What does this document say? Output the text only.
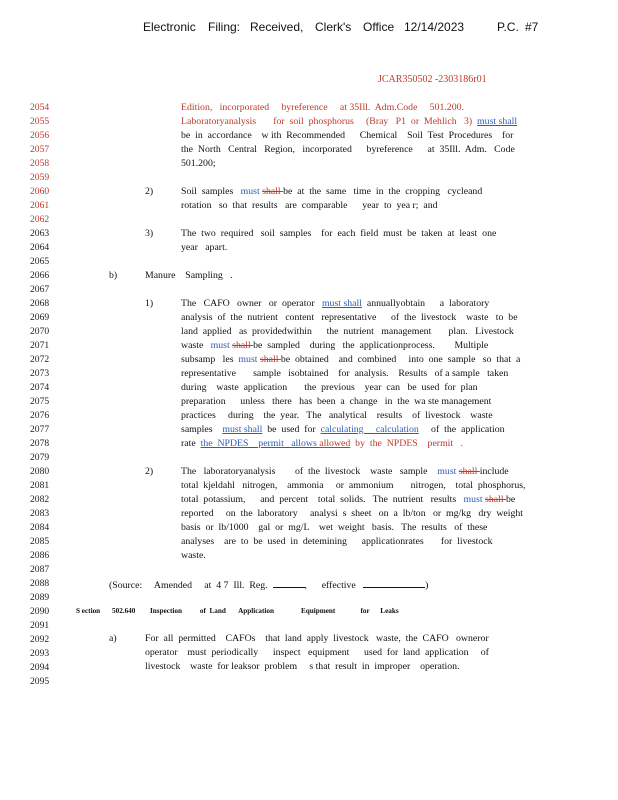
Electronic Filing: Received, Clerk's Office 12/14/2023	P.C. #7
JCAR350502 -2303186r01
2054
2055
2056
2057
2058
2059
2060
2061
2062
2063
2064
2065
2066
2067
2068
2069
2070
2071
2072
2073
2074
2075
2076
2077
2078
2079
2080
2081
2082
2083
2084
2085
2086
2087
2088
2089
2090
2091
2092
2093
2094
2095
Edition,   incorporated     byreference     at 35Ill.  Adm.Code     501.200.
Laboratoryanalysis       for  soil  phosphorus     (Bray   P1  or  Mehlich   3)  must shall
be  in  accordance    w ith  Recommended      Chemical    Soil  Test  Procedures    for
the  North   Central   Region,   incorporated      byreference      at  35Ill.  Adm.   Code
501.200;
2)	Soil  samples   must shall be  at  the  same   time  in  the  cropping   cycleand
rotation   so  that  results   are  comparable      year  to  yea r;  and
3)	The  two  required   soil  samples    for  each  field  must  be  taken  at  least  one
year   apart.
b)	Manure    Sampling   .
1)	The   CAFO   owner   or  operator   must shall  annuallyobtain      a  laboratory
analysis  of  the  nutrient   content   representative      of  the  livestock    waste   to  be
land  applied   as  providedwithin      the  nutrient   management       plan.   Livestock
waste   must shall be  sampled    during   the  applicationprocess.        Multiple
subsamp   les  must shall be  obtained    and  combined     into  one  sample   so  that  a
representative       sample   isobtained    for  analysis.    Results   of a sample   taken
during    waste  application       the  previous    year  can   be  used  for  plan
preparation      unless   there   has  been  a  change   in  the  wa ste management
practices     during    the  year.   The   analytical    results    of  livestock    waste
samples    must shall  be  used  for  calculating     calculation     of  the  application
rate  the  NPDES    permit   allows allowed  by  the  NPDES    permit   .
2)	The   laboratoryanalysis        of  the  livestock    waste   sample    must shall include
total  kjeldahl   nitrogen,    ammonia     or  ammonium       nitrogen,    total  phosphorus,
total  potassium,      and  percent    total  solids.   The  nutrient   results   must shall be
reported     on  the  laboratory     analysi  s  sheet   on  a  lb/ton   or  mg/kg   dry  weight
basis  or  lb/1000    gal  or  mg/L    wet  weight   basis.   The  results   of  these
analyses    are  to  be  used  in  detemining      applicationrates       for  livestock
waste.
(Source:     Amended     at  4 7  Ill.  Reg.	,      effective	)
S ection 502.640 Inspection          of  Land       Application               Equipment              for      Leaks
a)	For  all  permitted    CAFOs    that  land  apply  livestock   waste,  the  CAFO   owneror
operator    must  periodically      inspect   equipment      used  for  land  application     of
livestock    waste  for leaksor  problem     s that  result  in  improper    operation.
